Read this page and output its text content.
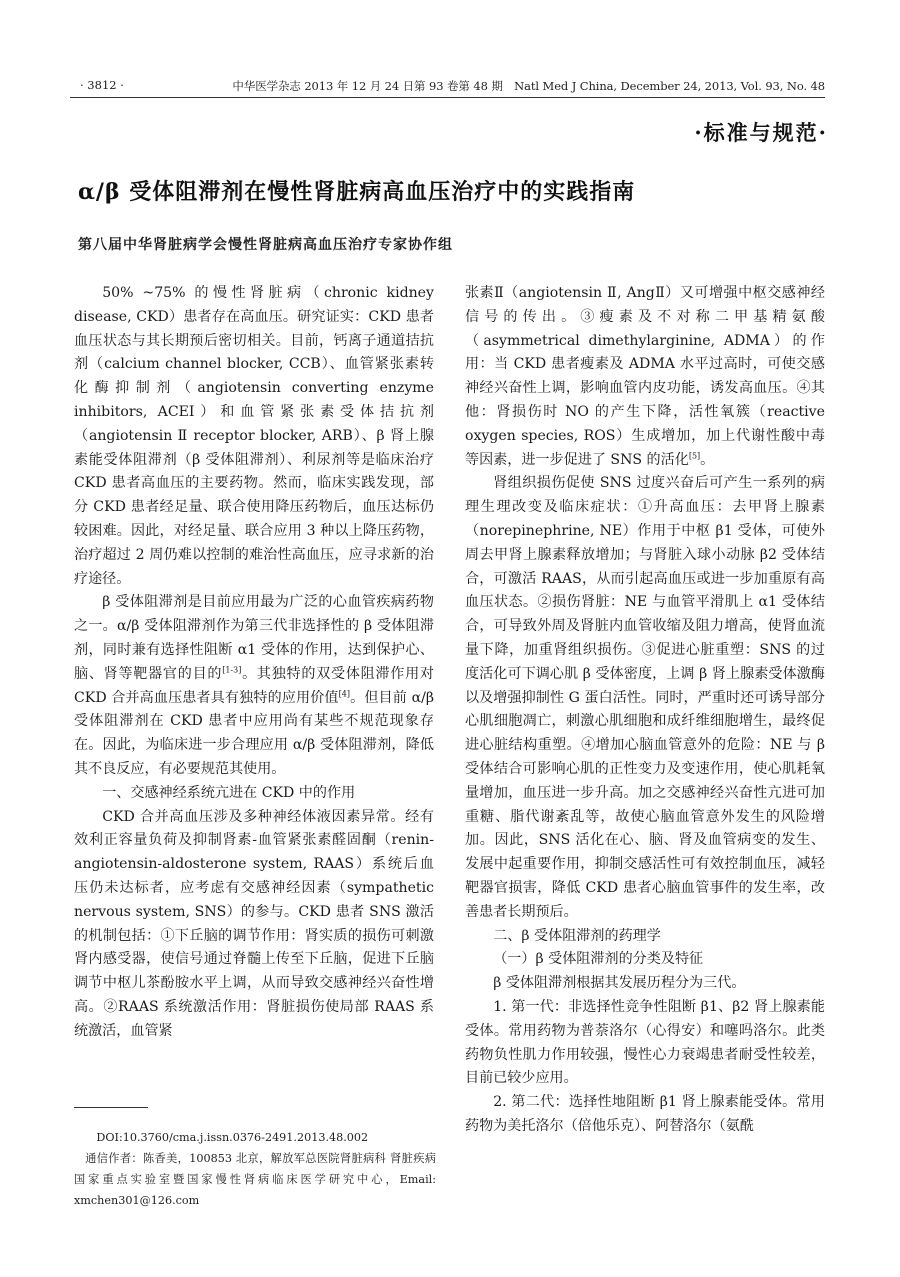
· 3812 ·	中华医学杂志 2013 年 12 月 24 日第 93 卷第 48 期　Natl Med J China, December 24, 2013, Vol. 93, No. 48
·标准与规范·
α/β 受体阻滞剂在慢性肾脏病高血压治疗中的实践指南
第八届中华肾脏病学会慢性肾脏病高血压治疗专家协作组

50% ~75% 的慢性肾脏病（chronic kidney disease, CKD）患者存在高血压。研究证实：CKD 患者血压状态与其长期预后密切相关。目前，钙离子通道拮抗剂（calcium channel blocker, CCB）、血管紧张素转化酶抑制剂（angiotensin converting enzyme inhibitors, ACEI）和血管紧张素受体拮抗剂（angiotensin Ⅱ receptor blocker, ARB）、β 肾上腺素能受体阻滞剂（β 受体阻滞剂）、利尿剂等是临床治疗 CKD 患者高血压的主要药物。然而，临床实践发现，部分 CKD 患者经足量、联合使用降压药物后，血压达标仍较困难。因此，对经足量、联合应用 3 种以上降压药物，治疗超过 2 周仍难以控制的难治性高血压，应寻求新的治疗途径。

β 受体阻滞剂是目前应用最为广泛的心血管疾病药物之一。α/β 受体阻滞剂作为第三代非选择性的 β 受体阻滞剂，同时兼有选择性阻断 α1 受体的作用，达到保护心、脑、肾等靶器官的目的[1-3]。其独特的双受体阻滞作用对 CKD 合并高血压患者具有独特的应用价值[4]。但目前 α/β 受体阻滞剂在 CKD 患者中应用尚有某些不规范现象存在。因此，为临床进一步合理应用 α/β 受体阻滞剂，降低其不良反应，有必要规范其使用。

一、交感神经系统亢进在 CKD 中的作用

CKD 合并高血压涉及多种神经体液因素异常。经有效利正容量负荷及抑制肾素-血管紧张素醛固酮（renin-angiotensin-aldosterone system, RAAS）系统后血压仍未达标者，应考虑有交感神经因素（sympathetic nervous system, SNS）的参与。CKD 患者 SNS 激活的机制包括：①下丘脑的调节作用：肾实质的损伤可刺激肾内感受器，使信号通过脊髓上传至下丘脑，促进下丘脑调节中枢儿茶酚胺水平上调，从而导致交感神经兴奋性增高。②RAAS 系统激活作用：肾脏损伤使局部 RAAS 系统激活，血管紧

张素Ⅱ（angiotensin Ⅱ, AngⅡ）又可增强中枢交感神经信号的传出。③瘦素及不对称二甲基精氨酸（asymmetrical dimethylarginine, ADMA）的作用：当 CKD 患者瘦素及 ADMA 水平过高时，可使交感神经兴奋性上调，影响血管内皮功能，诱发高血压。④其他：肾损伤时 NO 的产生下降，活性氧簇（reactive oxygen species, ROS）生成增加，加上代谢性酸中毒等因素，进一步促进了 SNS 的活化[5]。

肾组织损伤促使 SNS 过度兴奋后可产生一系列的病理生理改变及临床症状：①升高血压：去甲肾上腺素（norepinephrine, NE）作用于中枢 β1 受体，可使外周去甲肾上腺素释放增加；与肾脏入球小动脉 β2 受体结合，可激活 RAAS，从而引起高血压或进一步加重原有高血压状态。②损伤肾脏：NE 与血管平滑肌上 α1 受体结合，可导致外周及肾脏内血管收缩及阻力增高，使肾血流量下降，加重肾组织损伤。③促进心脏重塑：SNS 的过度活化可下调心肌 β 受体密度，上调 β 肾上腺素受体激酶以及增强抑制性 G 蛋白活性。同时，严重时还可诱导部分心肌细胞凋亡，刺激心肌细胞和成纤维细胞增生，最终促进心脏结构重塑。④增加心脑血管意外的危险：NE 与 β 受体结合可影响心肌的正性变力及变速作用，使心肌耗氧量增加，血压进一步升高。加之交感神经兴奋性亢进可加重糖、脂代谢紊乱等，故使心脑血管意外发生的风险增加。因此，SNS 活化在心、脑、肾及血管病变的发生、发展中起重要作用，抑制交感活性可有效控制血压，减轻靶器官损害，降低 CKD 患者心脑血管事件的发生率，改善患者长期预后。

二、β 受体阻滞剂的药理学
（一）β 受体阻滞剂的分类及特征

β 受体阻滞剂根据其发展历程分为三代。

1. 第一代：非选择性竞争性阻断 β1、β2 肾上腺素能受体。常用药物为普萘洛尔（心得安）和噻吗洛尔。此类药物负性肌力作用较强，慢性心力衰竭患者耐受性较差，目前已较少应用。

2. 第二代：选择性地阻断 β1 肾上腺素能受体。常用药物为美托洛尔（倍他乐克）、阿替洛尔（氨酰

DOI:10.3760/cma.j.issn.0376-2491.2013.48.002

通信作者：陈香美，100853 北京，解放军总医院肾脏病科 肾脏疾病国家重点实验室暨国家慢性肾病临床医学研究中心，Email: xmchen301@126.com
